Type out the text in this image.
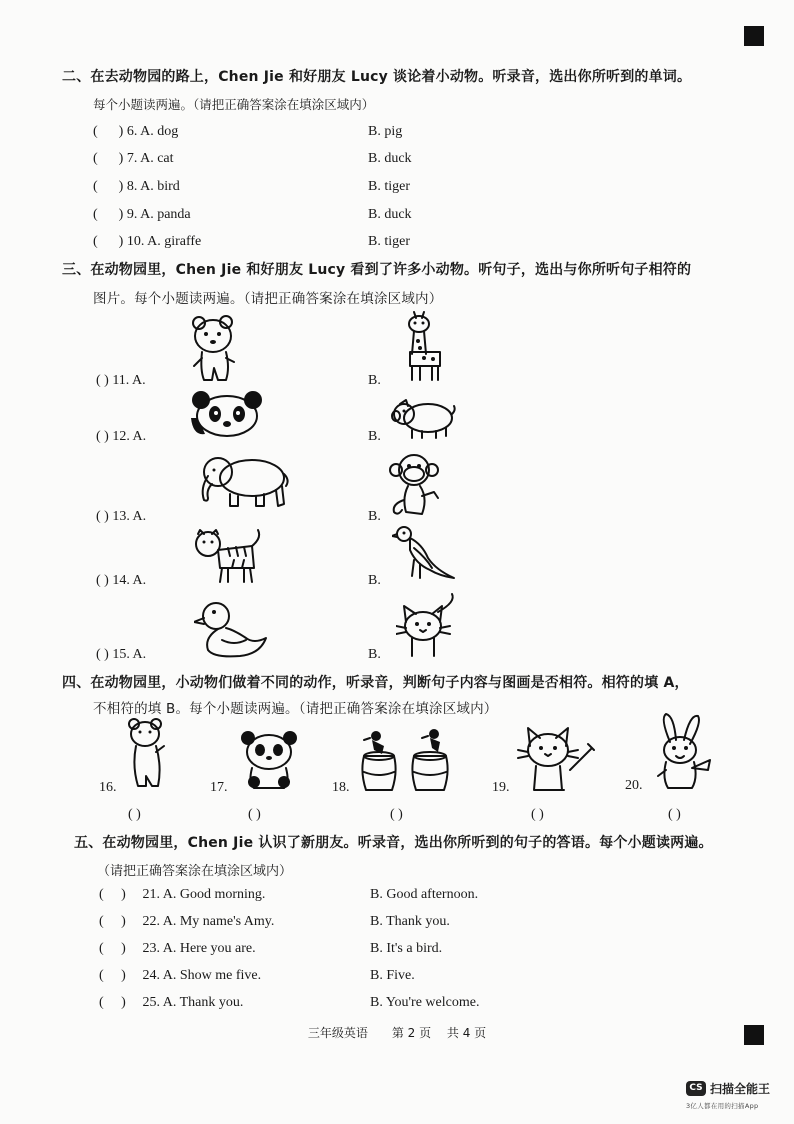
二、在去动物园的路上，Chen Jie 和好朋友 Lucy 谈论着小动物。听录音，选出你所听到的单词。
每个小题读两遍。（请把正确答案涂在填涂区域内）
( ) 6. A. dog	B. pig
( ) 7. A. cat	B. duck
( ) 8. A. bird	B. tiger
( ) 9. A. panda	B. duck
( ) 10. A. giraffe	B. tiger
三、在动物园里，Chen Jie 和好朋友 Lucy 看到了许多小动物。听句子，选出与你所听句子相符的
图片。每个小题读两遍。（请把正确答案涂在填涂区域内）
( ) 11. A.	B.
( ) 12. A.	B.
( ) 13. A.	B.
( ) 14. A.	B.
( ) 15. A.	B.
四、在动物园里，小动物们做着不同的动作，听录音，判断句子内容与图画是否相符。相符的填 A，
不相符的填 B。每个小题读两遍。（请把正确答案涂在填涂区域内）
16.
( )
17.
( )
18.
( )
19.
( )
20.
( )
五、在动物园里，Chen Jie 认识了新朋友。听录音，选出你所听到的句子的答语。每个小题读两遍。
（请把正确答案涂在填涂区域内）
(     ) 21. A. Good morning.	B. Good afternoon.
(     ) 22. A. My name's Amy.	B. Thank you.
(     ) 23. A. Here you are.	B. It's a bird.
(     ) 24. A. Show me five.	B. Five.
(     ) 25. A. Thank you.	B. You're welcome.
三年级英语　　第 2 页　 共 4 页
CS 扫描全能王
3亿人都在用的扫描App
